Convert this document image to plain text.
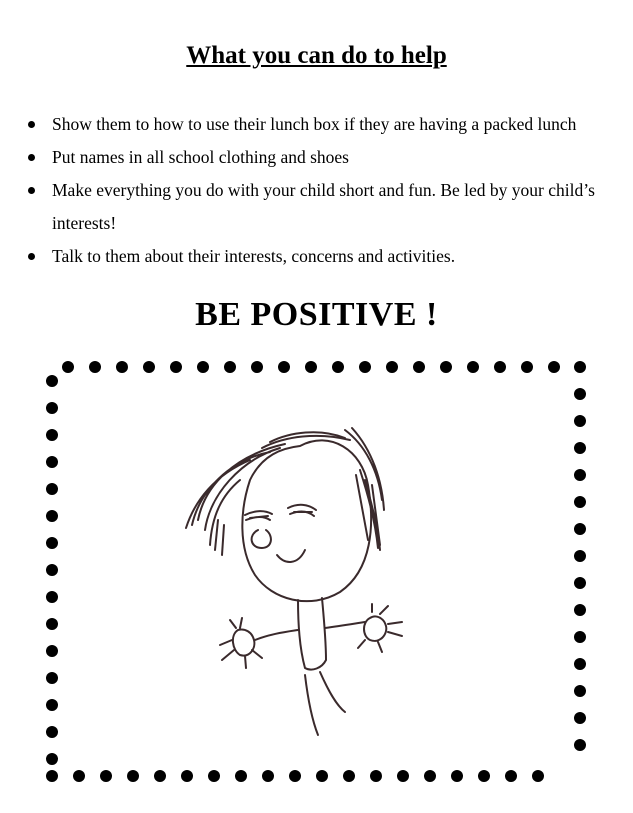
What you can do to help
Show them to how to use their lunch box if they are having a packed lunch
Put names in all school clothing and shoes
Make everything you do with your child short and fun. Be led by your child’s interests!
Talk to them about their interests, concerns and activities.
BE POSITIVE !
